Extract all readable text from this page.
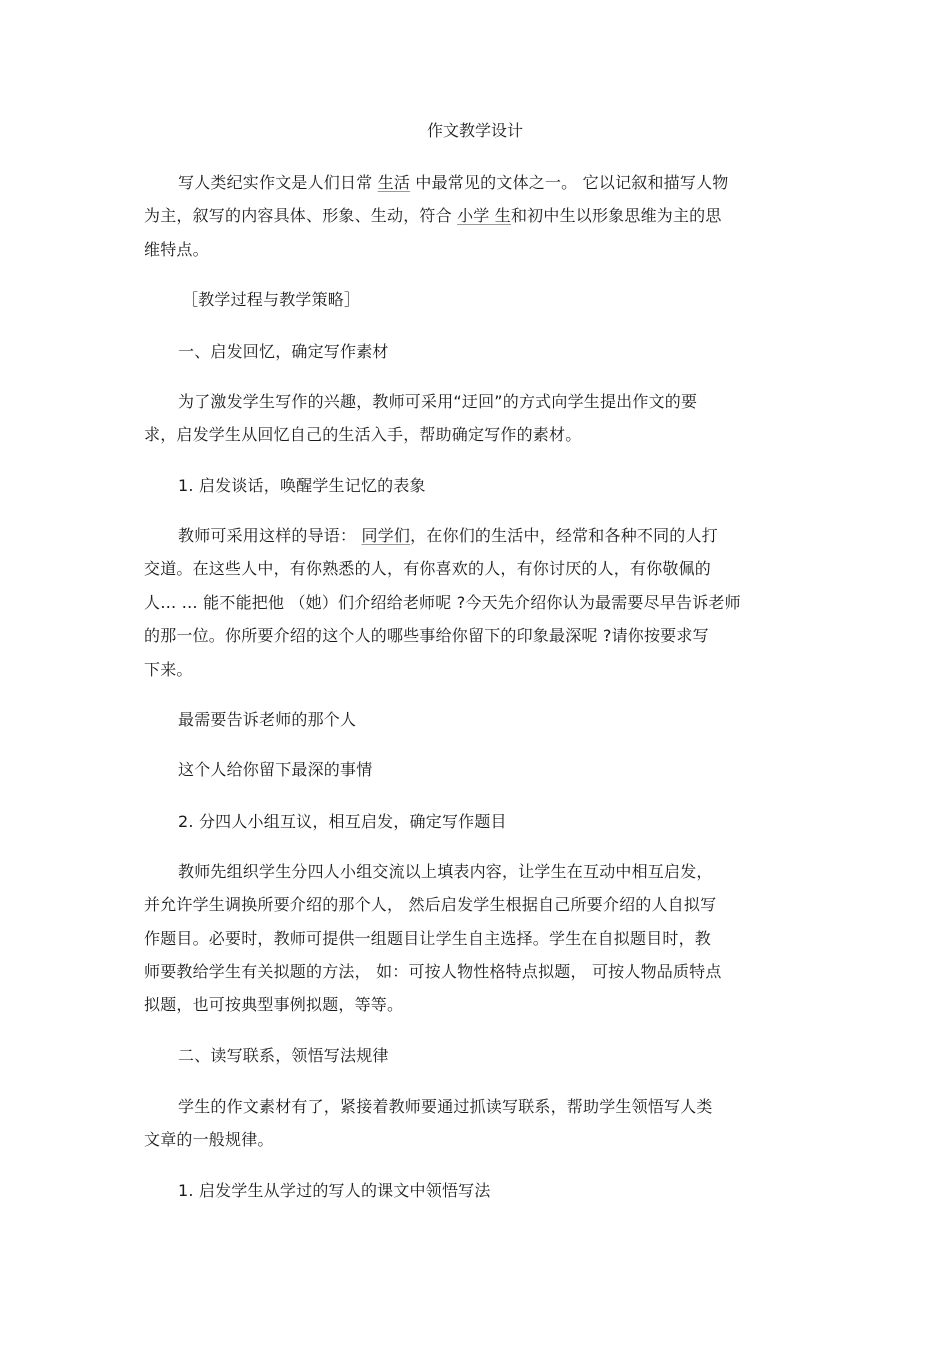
作文教学设计
写人类纪实作文是人们日常 生活 中最常见的文体之一。 它以记叙和描写人物
为主，叙写的内容具体、形象、生动，符合 小学 生和初中生以形象思维为主的思
维特点。
［教学过程与教学策略］
一、启发回忆，确定写作素材
为了激发学生写作的兴趣，教师可采用“迂回”的方式向学生提出作文的要
求，启发学生从回忆自己的生活入手，帮助确定写作的素材。
1. 启发谈话，唤醒学生记忆的表象
教师可采用这样的导语： 同学们，在你们的生活中，经常和各种不同的人打
交道。在这些人中，有你熟悉的人，有你喜欢的人，有你讨厌的人，有你敬佩的
人… … 能不能把他 （她）们介绍给老师呢 ?今天先介绍你认为最需要尽早告诉老师
的那一位。你所要介绍的这个人的哪些事给你留下的印象最深呢 ?请你按要求写
下来。
最需要告诉老师的那个人
这个人给你留下最深的事情
2. 分四人小组互议，相互启发，确定写作题目
教师先组织学生分四人小组交流以上填表内容，让学生在互动中相互启发，
并允许学生调换所要介绍的那个人， 然后启发学生根据自己所要介绍的人自拟写
作题目。必要时，教师可提供一组题目让学生自主选择。学生在自拟题目时，教
师要教给学生有关拟题的方法， 如：可按人物性格特点拟题， 可按人物品质特点
拟题，也可按典型事例拟题，等等。
二、读写联系，领悟写法规律
学生的作文素材有了，紧接着教师要通过抓读写联系，帮助学生领悟写人类
文章的一般规律。
1. 启发学生从学过的写人的课文中领悟写法
